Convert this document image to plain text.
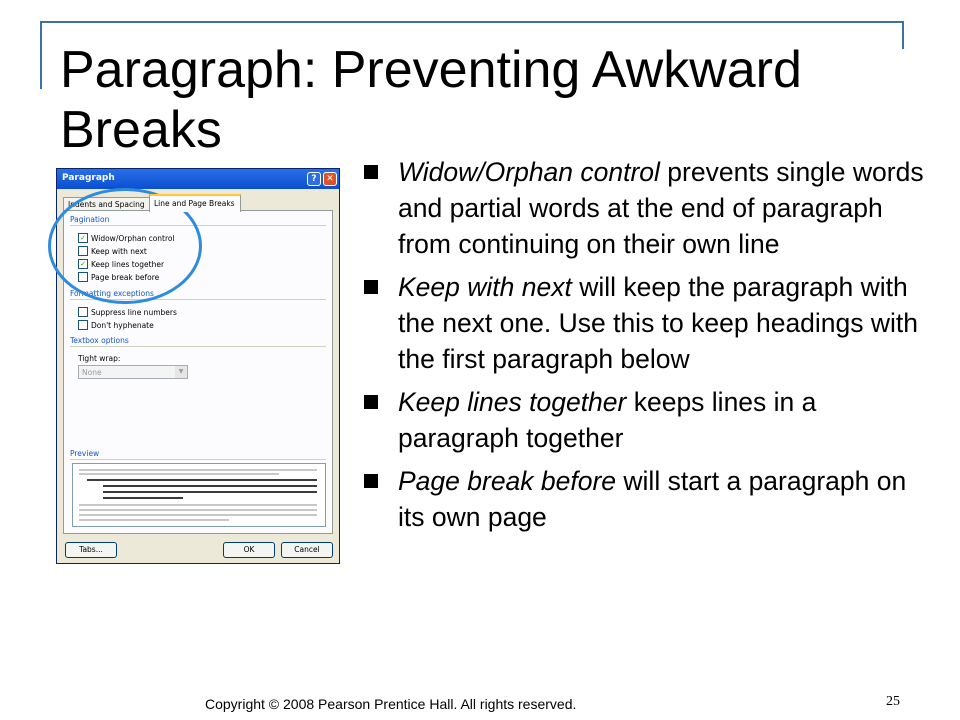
Paragraph: Preventing Awkward Breaks
Paragraph	?	✕
Indents and Spacing	Line and Page Breaks
Pagination
✓ Widow/Orphan control
Keep with next
✓ Keep lines together
Page break before
Formatting exceptions
Suppress line numbers
Don't hyphenate
Textbox options
Tight wrap:
None	▼
Preview
Tabs...	OK	Cancel
Widow/Orphan control prevents single words and partial words at the end of paragraph from continuing on their own line
Keep with next will keep the paragraph with the next one. Use this to keep headings with the first paragraph below
Keep lines together keeps lines in a paragraph together
Page break before will start a paragraph on its own page
Copyright © 2008 Pearson Prentice Hall. All rights reserved.	25
